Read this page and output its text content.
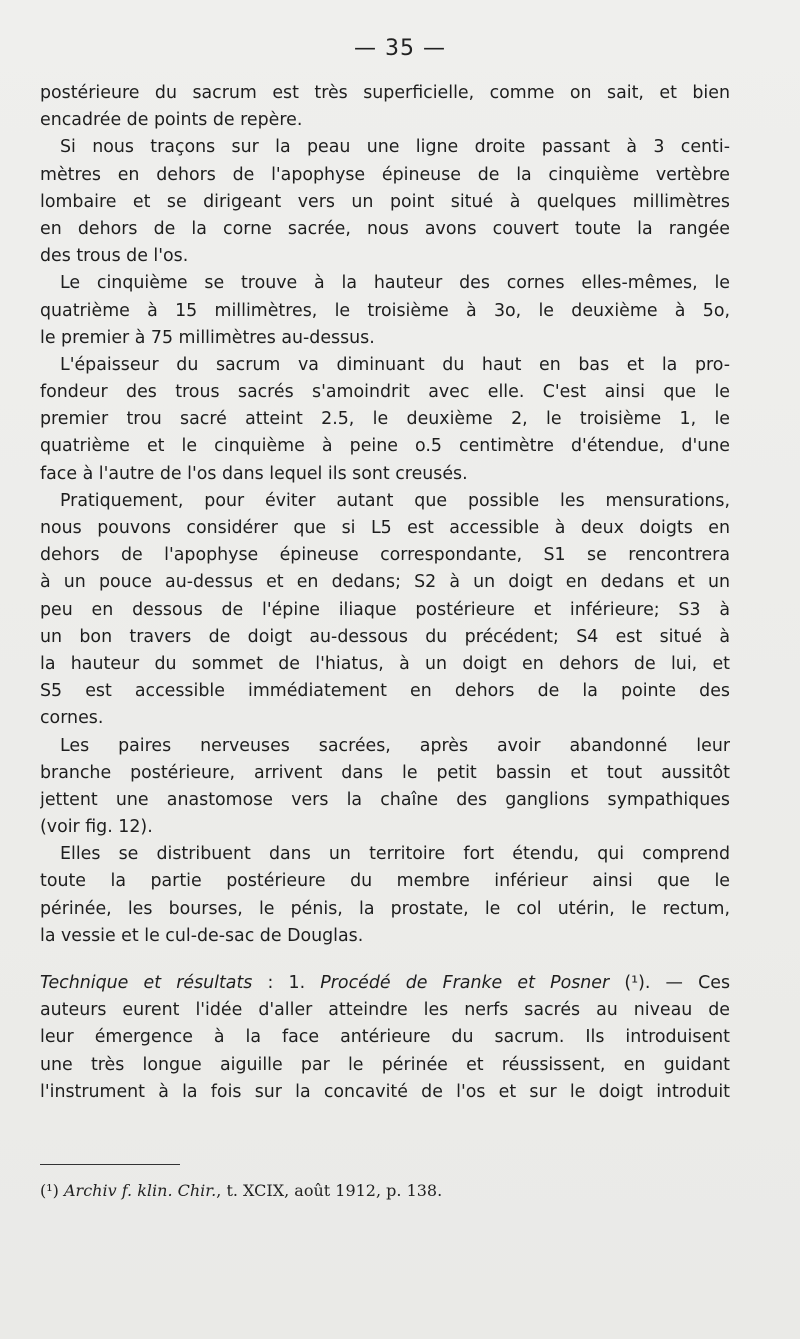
— 35 —
postérieure du sacrum est très superficielle, comme on sait, et bien
encadrée de points de repère.
Si nous traçons sur la peau une ligne droite passant à 3 centi-
mètres en dehors de l'apophyse épineuse de la cinquième vertèbre
lombaire et se dirigeant vers un point situé à quelques millimètres
en dehors de la corne sacrée, nous avons couvert toute la rangée
des trous de l'os.
Le cinquième se trouve à la hauteur des cornes elles-mêmes, le
quatrième à 15 millimètres, le troisième à 3o, le deuxième à 5o,
le premier à 75 millimètres au-dessus.
L'épaisseur du sacrum va diminuant du haut en bas et la pro-
fondeur des trous sacrés s'amoindrit avec elle. C'est ainsi que le
premier trou sacré atteint 2.5, le deuxième 2, le troisième 1, le
quatrième et le cinquième à peine o.5 centimètre d'étendue, d'une
face à l'autre de l'os dans lequel ils sont creusés.
Pratiquement, pour éviter autant que possible les mensurations,
nous pouvons considérer que si L5 est accessible à deux doigts en
dehors de l'apophyse épineuse correspondante, S1 se rencontrera
à un pouce au-dessus et en dedans; S2 à un doigt en dedans et un
peu en dessous de l'épine iliaque postérieure et inférieure; S3 à
un bon travers de doigt au-dessous du précédent; S4 est situé à
la hauteur du sommet de l'hiatus, à un doigt en dehors de lui, et
S5 est accessible immédiatement en dehors de la pointe des
cornes.
Les paires nerveuses sacrées, après avoir abandonné leur
branche postérieure, arrivent dans le petit bassin et tout aussitôt
jettent une anastomose vers la chaîne des ganglions sympathiques
(voir fig. 12).
Elles se distribuent dans un territoire fort étendu, qui comprend
toute la partie postérieure du membre inférieur ainsi que le
périnée, les bourses, le pénis, la prostate, le col utérin, le rectum,
la vessie et le cul-de-sac de Douglas.
Technique et résultats : 1. Procédé de Franke et Posner (¹). — Ces
auteurs eurent l'idée d'aller atteindre les nerfs sacrés au niveau de
leur émergence à la face antérieure du sacrum. Ils introduisent
une très longue aiguille par le périnée et réussissent, en guidant
l'instrument à la fois sur la concavité de l'os et sur le doigt introduit
(¹) Archiv f. klin. Chir., t. XCIX, août 1912, p. 138.
